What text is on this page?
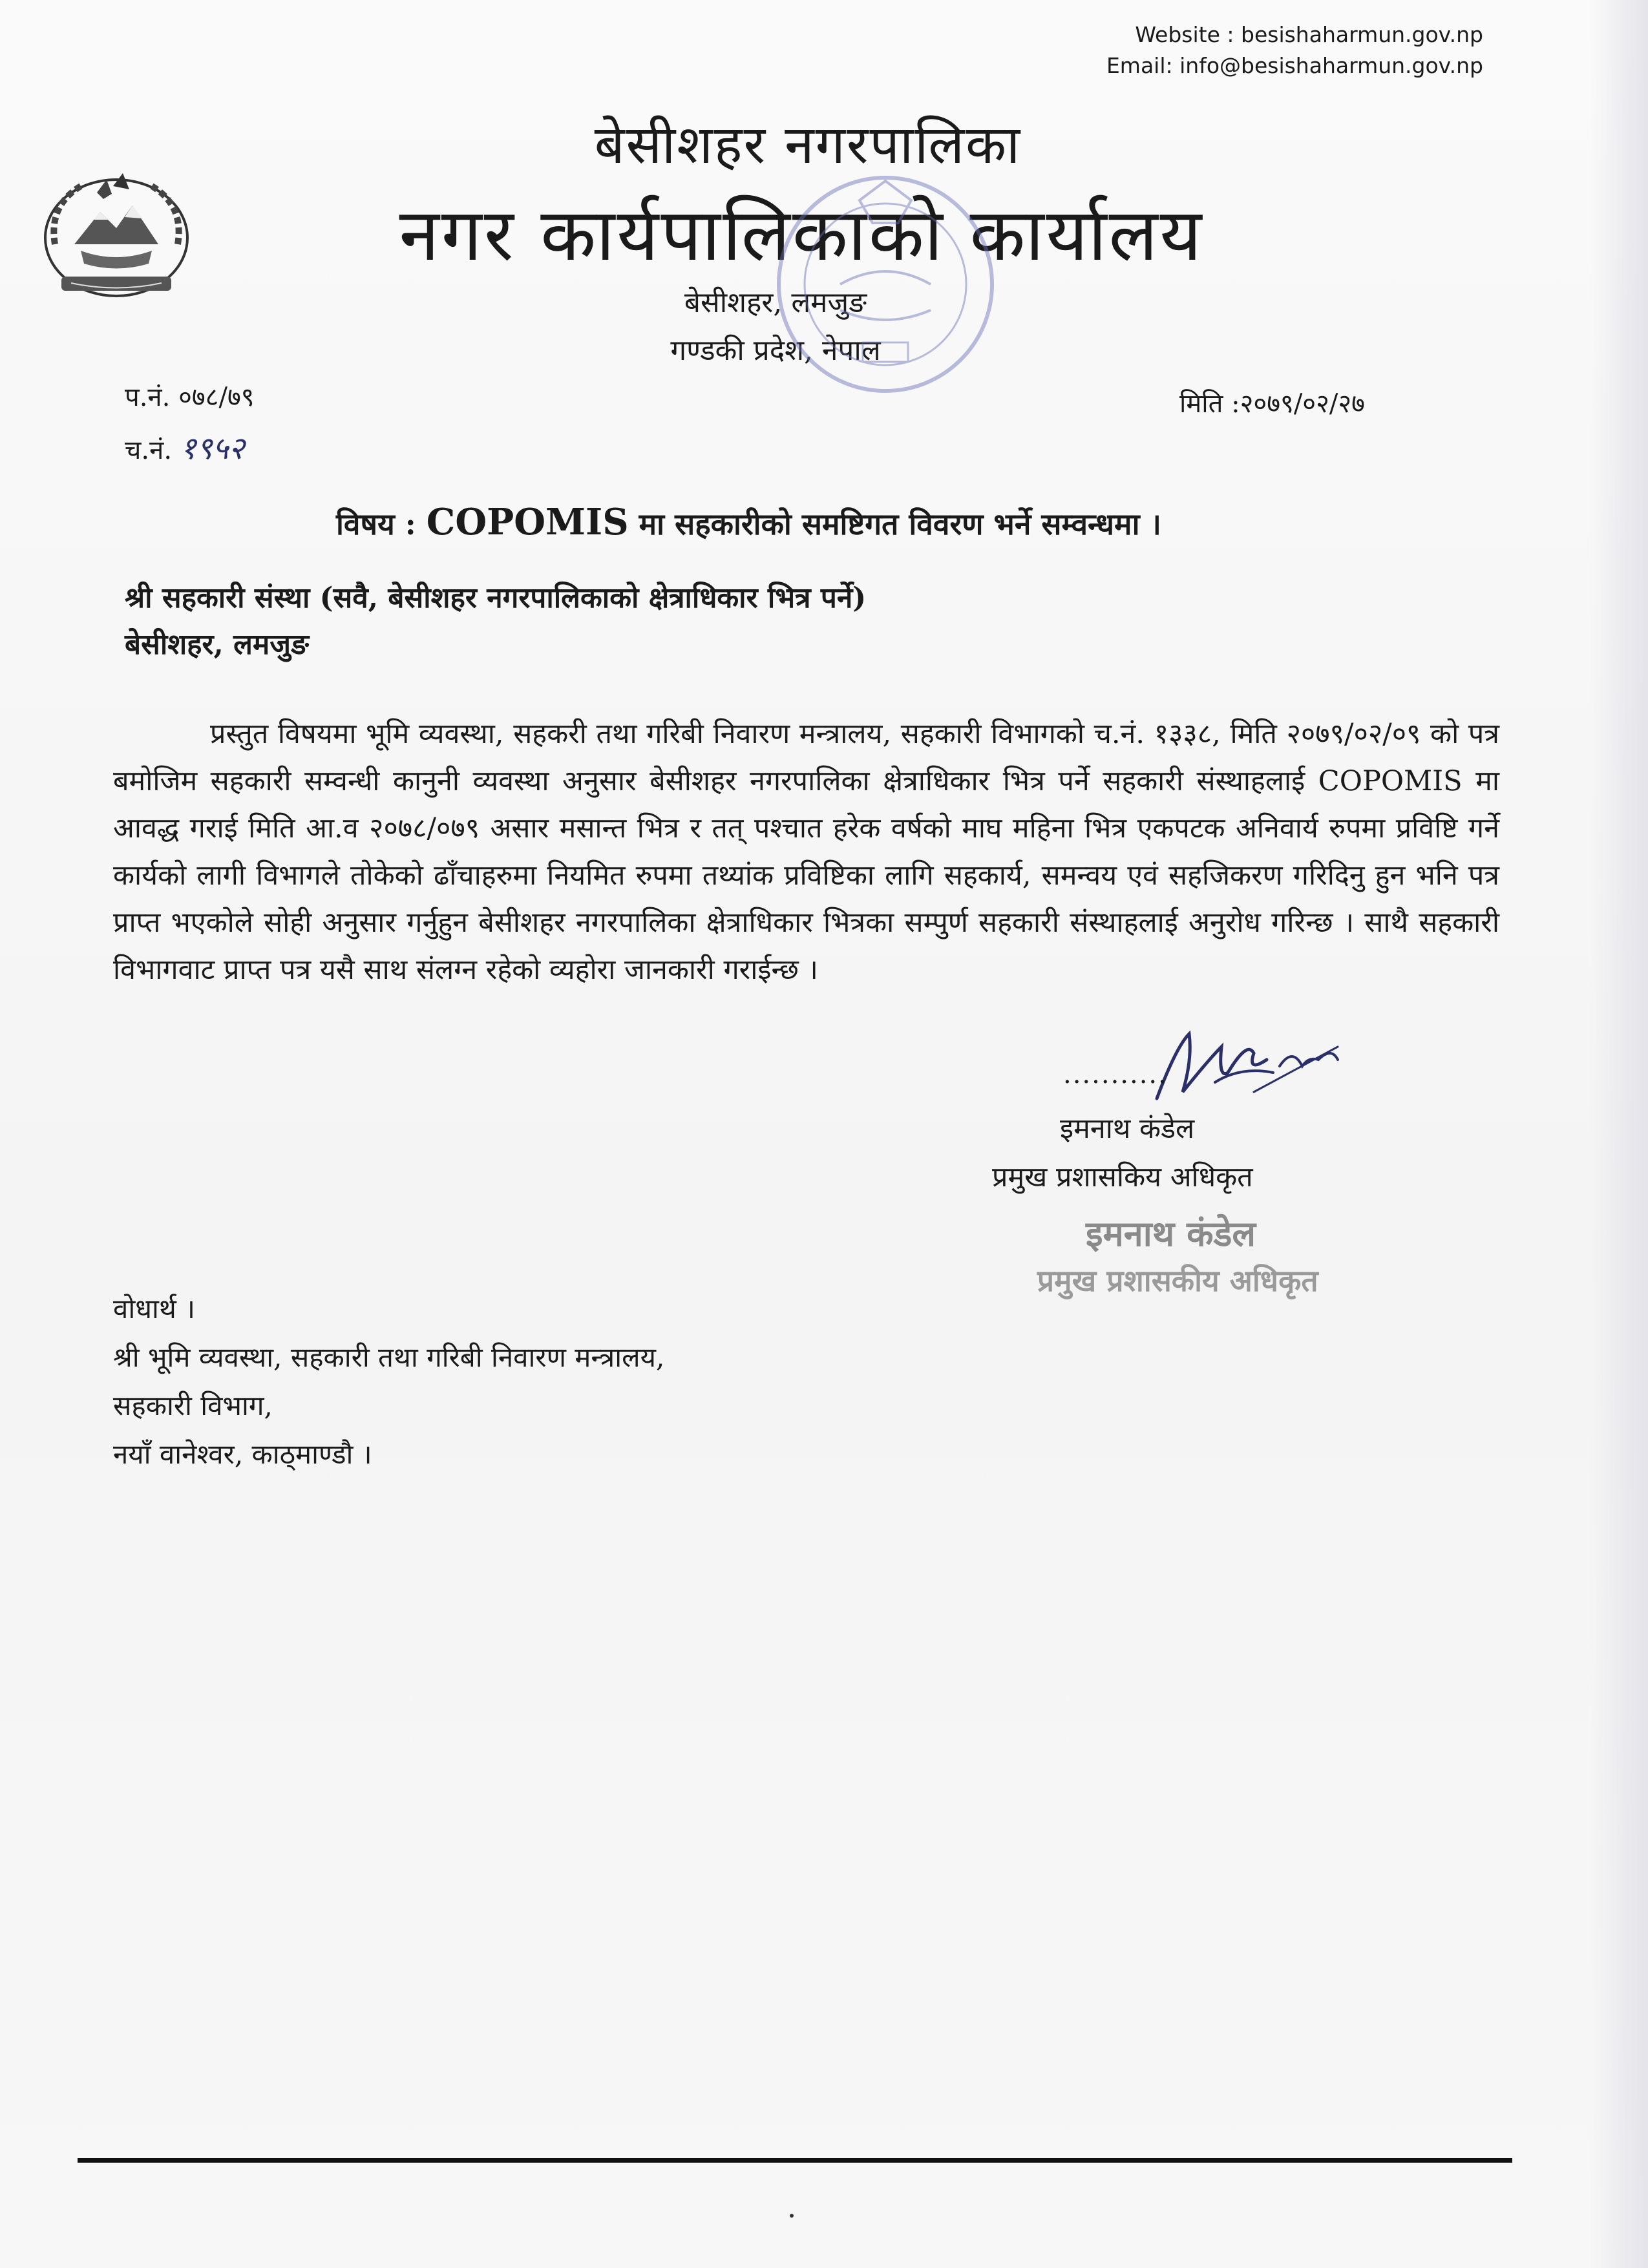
Website : besishaharmun.gov.np
Email: info@besishaharmun.gov.np
बेसीशहर नगरपालिका
नगर कार्यपालिकाको कार्यालय
बेसीशहर, लमजुङ
गण्डकी प्रदेश, नेपाल
प.नं. ०७८/७९
च.नं. १९५२
मिति :२०७९/०२/२७
विषय : COPOMIS मा सहकारीको समष्टिगत विवरण भर्ने सम्वन्धमा ।
श्री सहकारी संस्था (सवै, बेसीशहर नगरपालिकाको क्षेत्राधिकार भित्र पर्ने)
बेसीशहर, लमजुङ
प्रस्तुत विषयमा भूमि व्यवस्था, सहकरी तथा गरिबी निवारण मन्त्रालय, सहकारी विभागको च.नं. १३३८, मिति २०७९/०२/०९ को पत्र बमोजिम सहकारी सम्वन्धी कानुनी व्यवस्था अनुसार बेसीशहर नगरपालिका क्षेत्राधिकार भित्र पर्ने सहकारी संस्थाहलाई COPOMIS मा आवद्ध गराई मिति आ.व २०७८/०७९ असार मसान्त भित्र र तत् पश्चात हरेक वर्षको माघ महिना भित्र एकपटक अनिवार्य रुपमा प्रविष्टि गर्ने कार्यको लागी विभागले तोकेको ढाँचाहरुमा नियमित रुपमा तथ्यांक प्रविष्टिका लागि सहकार्य, समन्वय एवं सहजिकरण गरिदिनु हुन भनि पत्र प्राप्त भएकोले सोही अनुसार गर्नुहुन बेसीशहर नगरपालिका क्षेत्राधिकार भित्रका सम्पुर्ण सहकारी संस्थाहलाई अनुरोध गरिन्छ । साथै सहकारी विभागवाट प्राप्त पत्र यसै साथ संलग्न रहेको व्यहोरा जानकारी गराईन्छ ।
...........
इमनाथ कंडेल
प्रमुख प्रशासकिय अधिकृत
इमनाथ कंडेल
प्रमुख प्रशासकीय अधिकृत
वोधार्थ ।
श्री भूमि व्यवस्था, सहकारी तथा गरिबी निवारण मन्त्रालय,
सहकारी विभाग,
नयाँ वानेश्वर, काठ्माण्डौ ।
